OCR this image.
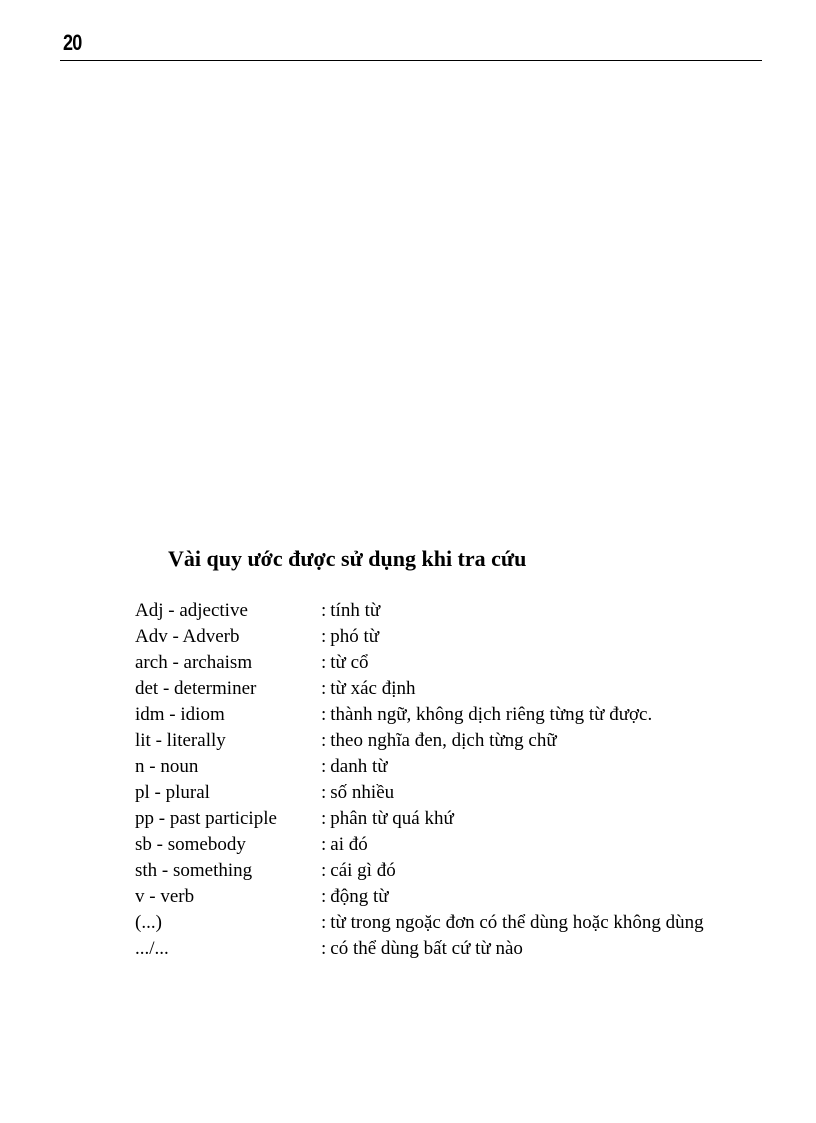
20
Vài quy ước được sử dụng khi tra cứu
Adj - adjective	: tính từ
Adv - Adverb	: phó từ
arch - archaism	: từ cổ
det - determiner	: từ xác định
idm - idiom	: thành ngữ, không dịch riêng từng từ được.
lit - literally	: theo nghĩa đen, dịch từng chữ
n - noun	: danh từ
pl - plural	: số nhiều
pp - past participle	: phân từ quá khứ
sb - somebody	: ai đó
sth - something	: cái gì đó
v - verb	: động từ
(...)	: từ trong ngoặc đơn có thể dùng hoặc không dùng
.../...	: có thể dùng bất cứ từ nào
